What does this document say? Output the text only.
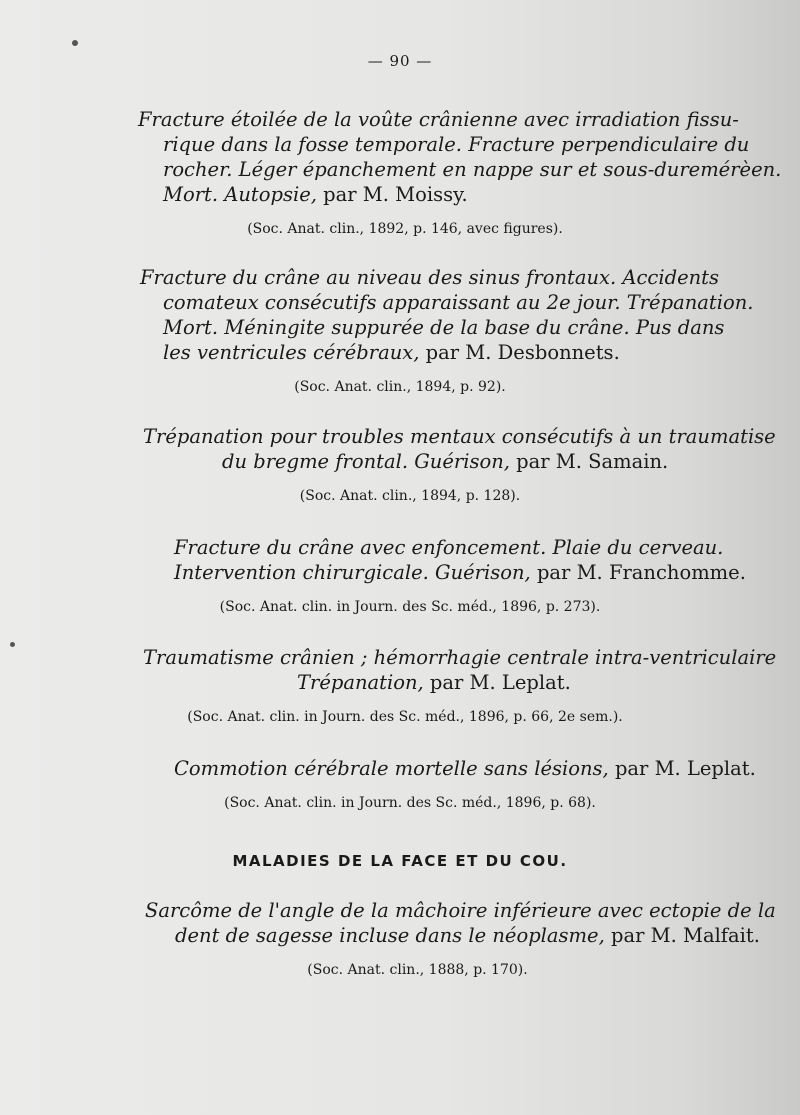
— 90 —

Fracture étoilée de la voûte crânienne avec irradiation fissu-

rique dans la fosse temporale. Fracture perpendiculaire du

rocher. Léger épanchement en nappe sur et sous-duremérèen.

Mort. Autopsie, par M. Moissy.

(Soc. Anat. clin., 1892, p. 146, avec figures).

Fracture du crâne au niveau des sinus frontaux. Accidents

comateux consécutifs apparaissant au 2e jour. Trépanation.

Mort. Méningite suppurée de la base du crâne. Pus dans

les ventricules cérébraux, par M. Desbonnets.

(Soc. Anat. clin., 1894, p. 92).

Trépanation pour troubles mentaux consécutifs à un traumatise

du bregme frontal. Guérison, par M. Samain.

(Soc. Anat. clin., 1894, p. 128).

Fracture du crâne avec enfoncement. Plaie du cerveau.

Intervention chirurgicale. Guérison, par M. Franchomme.

(Soc. Anat. clin. in Journ. des Sc. méd., 1896, p. 273).

Traumatisme crânien ; hémorrhagie centrale intra-ventriculaire

Trépanation, par M. Leplat.

(Soc. Anat. clin. in Journ. des Sc. méd., 1896, p. 66, 2e sem.).

Commotion cérébrale mortelle sans lésions, par M. Leplat.

(Soc. Anat. clin. in Journ. des Sc. méd., 1896, p. 68).
MALADIES DE LA FACE ET DU COU.

Sarcôme de l'angle de la mâchoire inférieure avec ectopie de la

dent de sagesse incluse dans le néoplasme, par M. Malfait.

(Soc. Anat. clin., 1888, p. 170).
